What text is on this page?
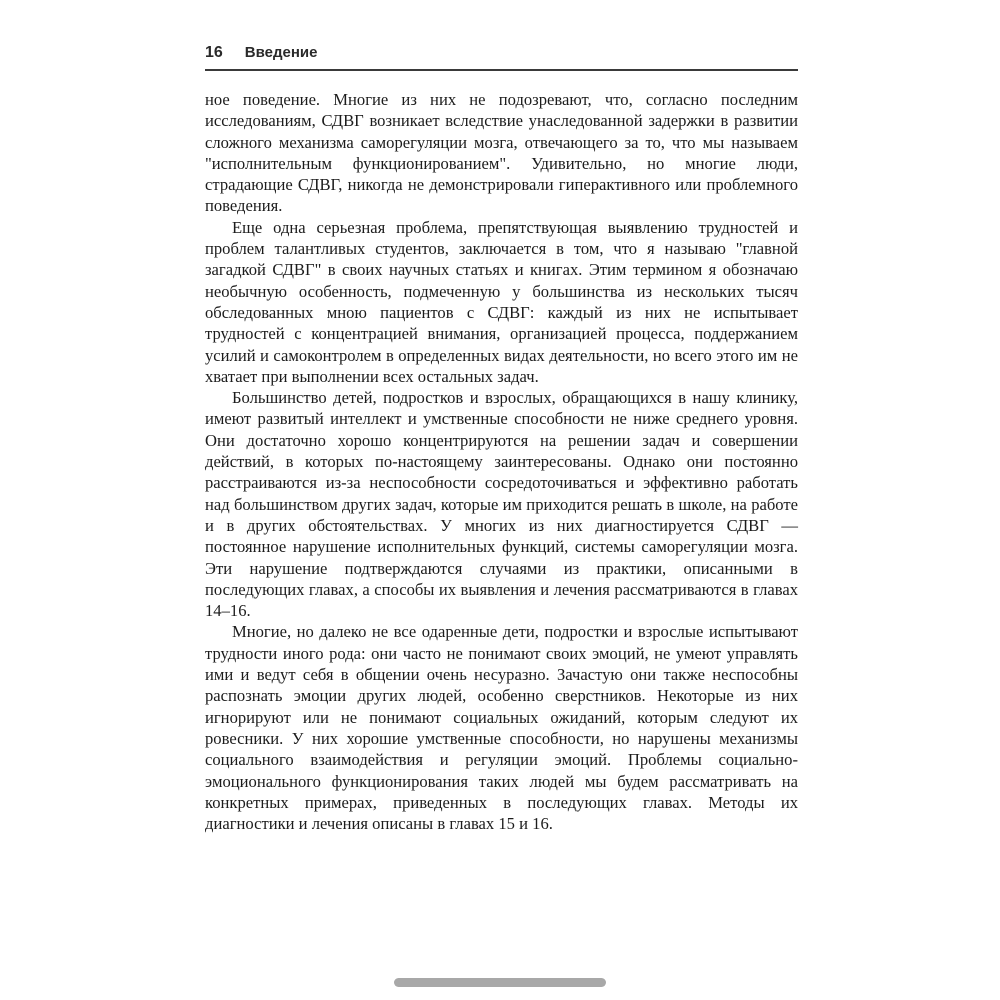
16 Введение

ное поведение. Многие из них не подозревают, что, согласно последним исследованиям, СДВГ возникает вследствие унаследованной задержки в развитии сложного механизма саморегуляции мозга, отвечающего за то, что мы называем "исполнительным функционированием". Удивительно, но многие люди, страдающие СДВГ, никогда не демонстрировали гиперактивного или проблемного поведения.

Еще одна серьезная проблема, препятствующая выявлению трудностей и проблем талантливых студентов, заключается в том, что я называю "главной загадкой СДВГ" в своих научных статьях и книгах. Этим термином я обозначаю необычную особенность, подмеченную у большинства из нескольких тысяч обследованных мною пациентов с СДВГ: каждый из них не испытывает трудностей с концентрацией внимания, организацией процесса, поддержанием усилий и самоконтролем в определенных видах деятельности, но всего этого им не хватает при выполнении всех остальных задач.

Большинство детей, подростков и взрослых, обращающихся в нашу клинику, имеют развитый интеллект и умственные способности не ниже среднего уровня. Они достаточно хорошо концентрируются на решении задач и совершении действий, в которых по-настоящему заинтересованы. Однако они постоянно расстраиваются из-за неспособности сосредоточиваться и эффективно работать над большинством других задач, которые им приходится решать в школе, на работе и в других обстоятельствах. У многих из них диагностируется СДВГ — постоянное нарушение исполнительных функций, системы саморегуляции мозга. Эти нарушение подтверждаются случаями из практики, описанными в последующих главах, а способы их выявления и лечения рассматриваются в главах 14–16.

Многие, но далеко не все одаренные дети, подростки и взрослые испытывают трудности иного рода: они часто не понимают своих эмоций, не умеют управлять ими и ведут себя в общении очень несуразно. Зачастую они также неспособны распознать эмоции других людей, особенно сверстников. Некоторые из них игнорируют или не понимают социальных ожиданий, которым следуют их ровесники. У них хорошие умственные способности, но нарушены механизмы социального взаимодействия и регуляции эмоций. Проблемы социально-эмоционального функционирования таких людей мы будем рассматривать на конкретных примерах, приведенных в последующих главах. Методы их диагностики и лечения описаны в главах 15 и 16.
